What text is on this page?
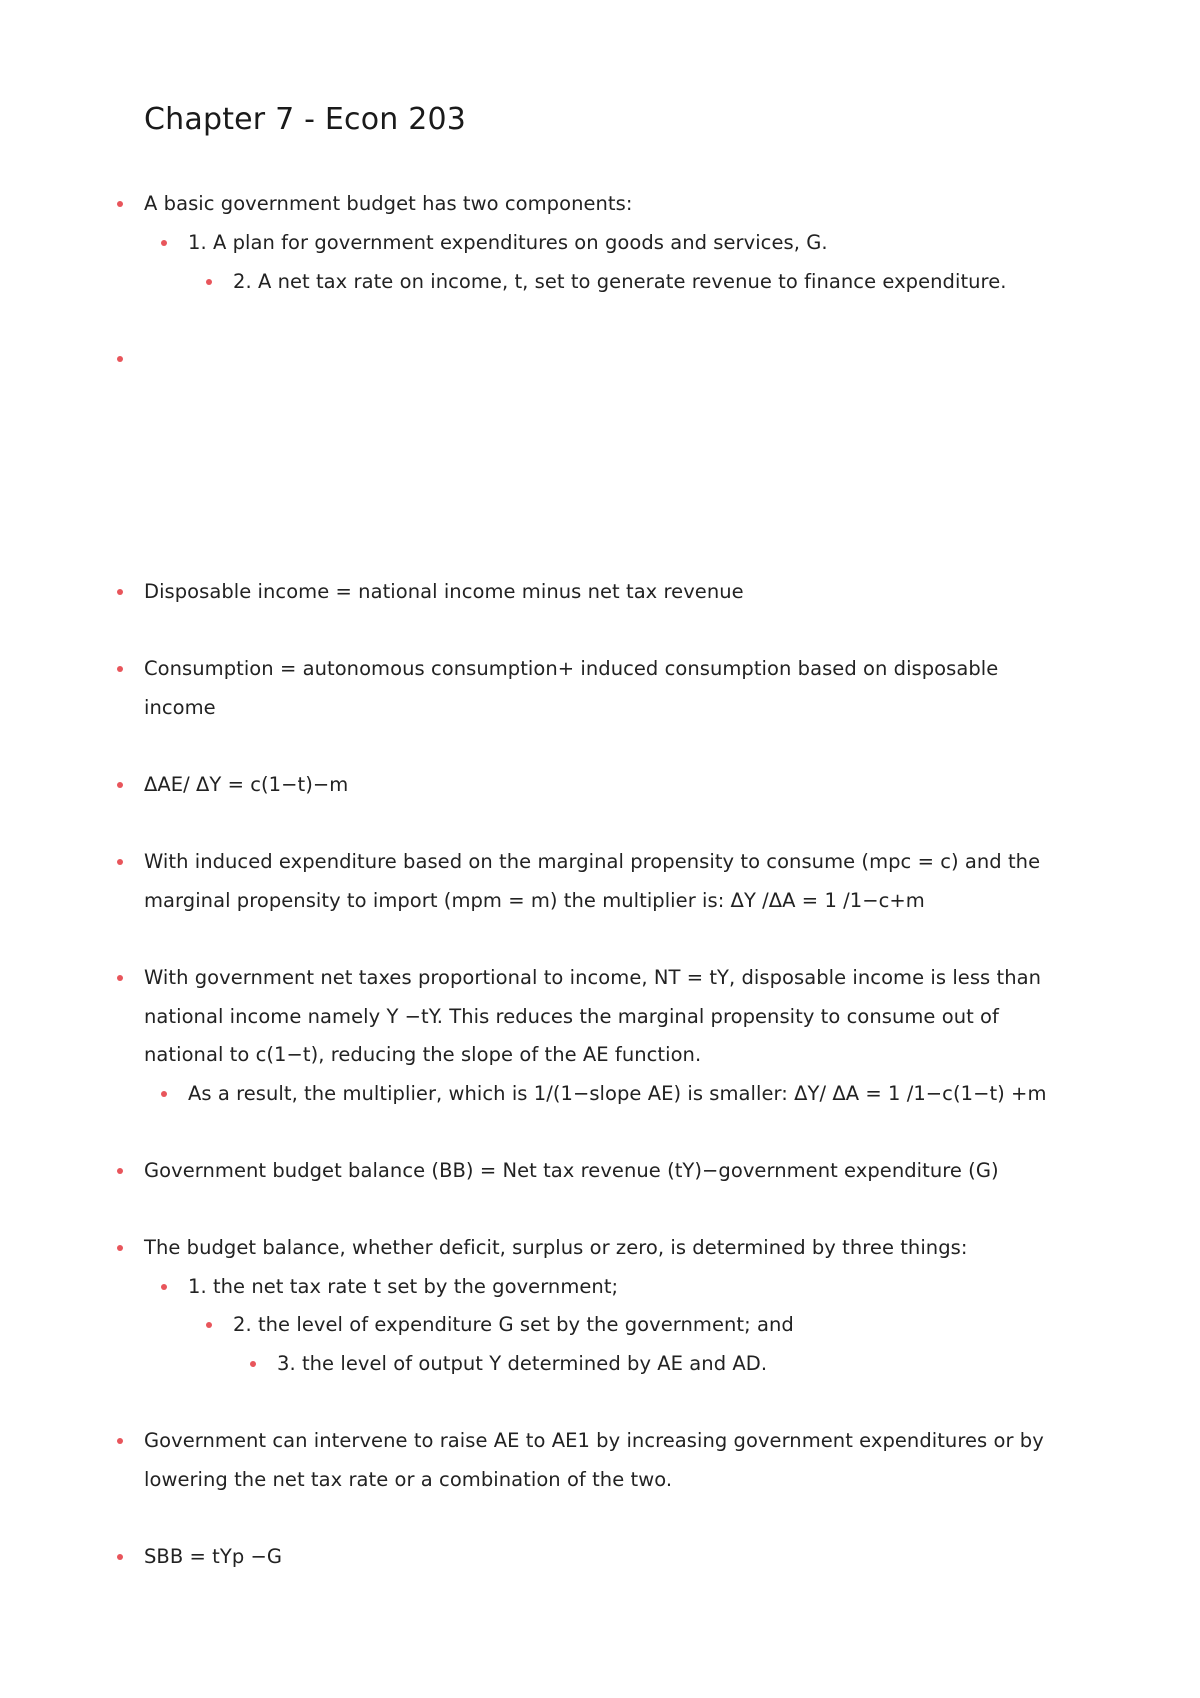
Chapter 7 - Econ 203
A basic government budget has two components:
1. A plan for government expenditures on goods and services, G.
2. A net tax rate on income, t, set to generate revenue to finance expenditure.
Disposable income = national income minus net tax revenue
Consumption = autonomous consumption+ induced consumption based on disposable income
ΔAE/ ΔY = c(1−t)−m
With induced expenditure based on the marginal propensity to consume (mpc = c) and the marginal propensity to import (mpm = m) the multiplier is: ΔY /ΔA = 1 /1−c+m
With government net taxes proportional to income, NT = tY, disposable income is less than national income namely Y −tY. This reduces the marginal propensity to consume out of national to c(1−t), reducing the slope of the AE function.
As a result, the multiplier, which is 1/(1−slope AE) is smaller: ΔY/ ΔA = 1 /1−c(1−t) +m
Government budget balance (BB) = Net tax revenue (tY)−government expenditure (G)
The budget balance, whether deficit, surplus or zero, is determined by three things:
1. the net tax rate t set by the government;
2. the level of expenditure G set by the government; and
3. the level of output Y determined by AE and AD.
Government can intervene to raise AE to AE1 by increasing government expenditures or by lowering the net tax rate or a combination of the two.
SBB = tYp −G
